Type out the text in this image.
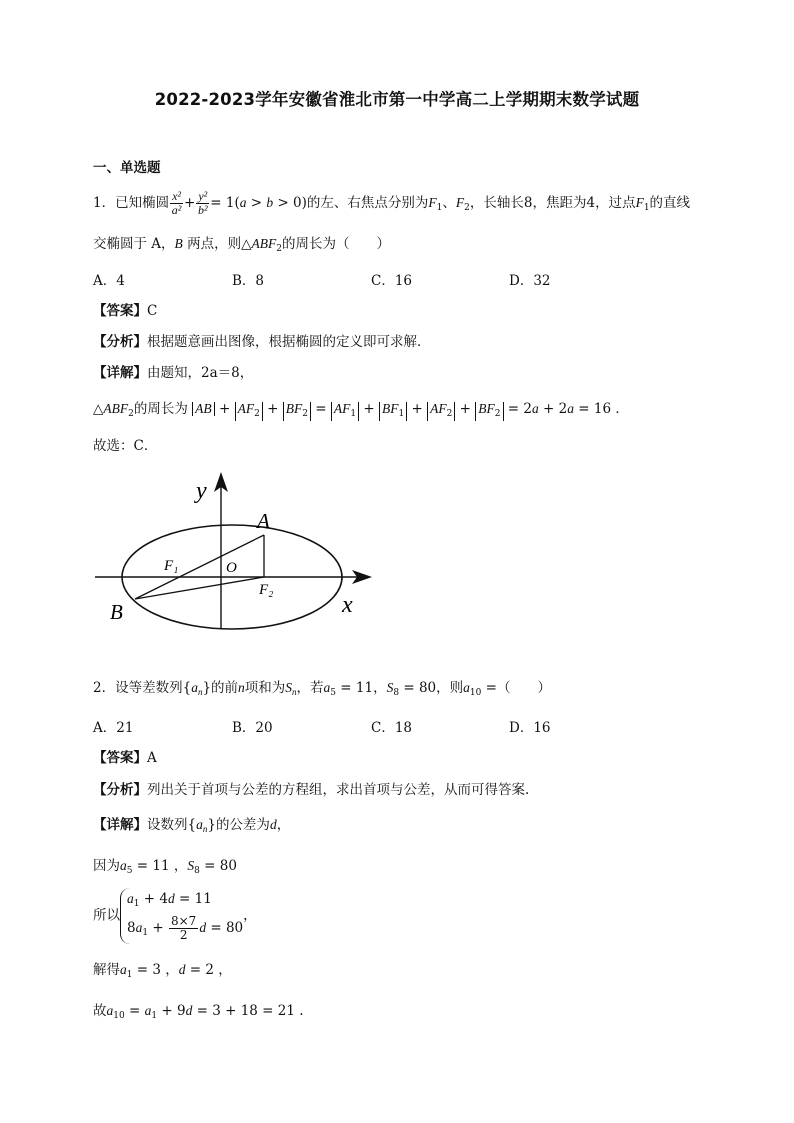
2022-2023学年安徽省淮北市第一中学高二上学期期末数学试题
一、单选题
1．已知椭圆 $\frac{\text{x²}}{\text{a²}} + \frac{\text{y²}}{\text{b²}} = 1(a > b > 0)$的左、右焦点分别为$F_1$、$F_2$，长轴长8，焦距为4，过点$F_1$的直线
交椭圆于 A，B 两点，则$\triangle ABF_2$的周长为（　　）
A．4	B．8	C．16	D．32
【答案】C
【分析】根据题意画出图像，根据椭圆的定义即可求解．
【详解】由题知，2a＝8，
$\triangle ABF_2$的周长为 AB + $AF_2 + BF_2 = AF_1 + BF_1 + AF_2 + BF_2 = 2a + 2a = 16$ ．
故选：C．
y
x
A
B
O
F₁
F₂
2．设等差数列$\{a_n\}$的前n项和为$S_n$，若$a_5 = 11$，$S_8 = 80$，则$a_{10}$ =（　　）
A．21	B．20	C．18	D．16
【答案】A
【分析】列出关于首项与公差的方程组，求出首项与公差，从而可得答案.
【详解】设数列$\{a_n\}$的公差为d，
因为$a_5 = 11$ ，$S_8 = 80$
所以
$a_1 + 4d = 11$
$8a_1 + \frac{8\times 7}{2}$ d = 80
，
解得$a_1 = 3$ ，d = 2 ，
故$a_{10} = a_1 + 9d = 3 + 18 = 21$ .
